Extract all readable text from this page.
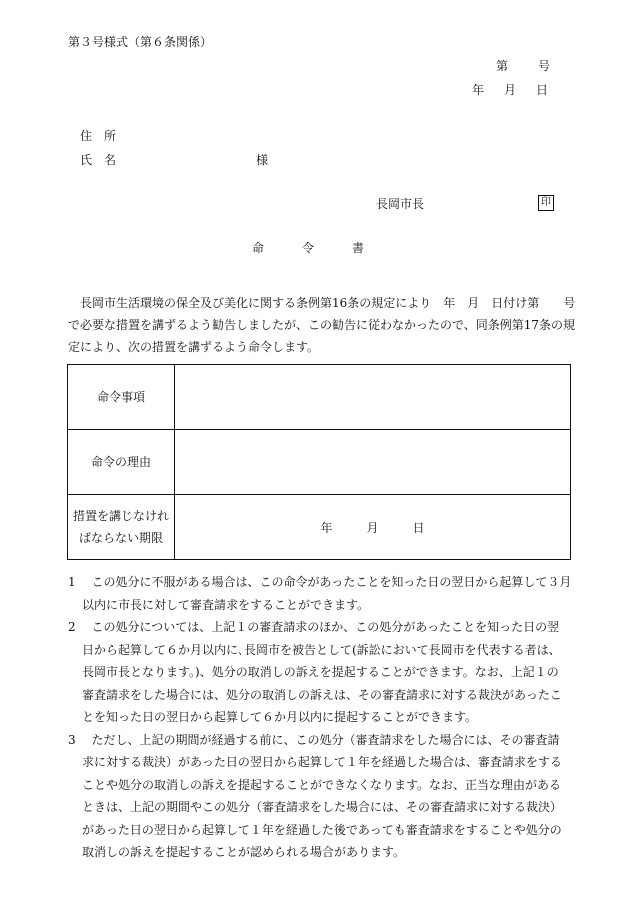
第３号様式（第６条関係）
第	号
年 月 日
住　所
氏　名	様
長岡市長	印
命	令	書
　長岡市生活環境の保全及び美化に関する条例第16条の規定により　年　月　日付け第　　号
で必要な措置を講ずるよう勧告しましたが、この勧告に従わなかったので、同条例第17条の規
定により、次の措置を講ずるよう命令します。
命令事項	
命令の理由	

措置を講じなけれ
ばならない期限	年 月 日
1　 この処分に不服がある場合は、この命令があったことを知った日の翌日から起算して３月
以内に市長に対して審査請求をすることができます。
2　 この処分については、上記１の審査請求のほか、この処分があったことを知った日の翌
日から起算して６か月以内に､長岡市を被告として(訴訟において長岡市を代表する者は、
長岡市長となります。)、処分の取消しの訴えを提起することができます。なお、上記１の
審査請求をした場合には、処分の取消しの訴えは、その審査請求に対する裁決があったこ
とを知った日の翌日から起算して６か月以内に提起することができます。
3　 ただし、上記の期間が経過する前に、この処分（審査請求をした場合には、その審査請
求に対する裁決）があった日の翌日から起算して１年を経過した場合は、審査請求をする
ことや処分の取消しの訴えを提起することができなくなります。なお、正当な理由がある
ときは、上記の期間やこの処分（審査請求をした場合には、その審査請求に対する裁決）
があった日の翌日から起算して１年を経過した後であっても審査請求をすることや処分の
取消しの訴えを提起することが認められる場合があります。
